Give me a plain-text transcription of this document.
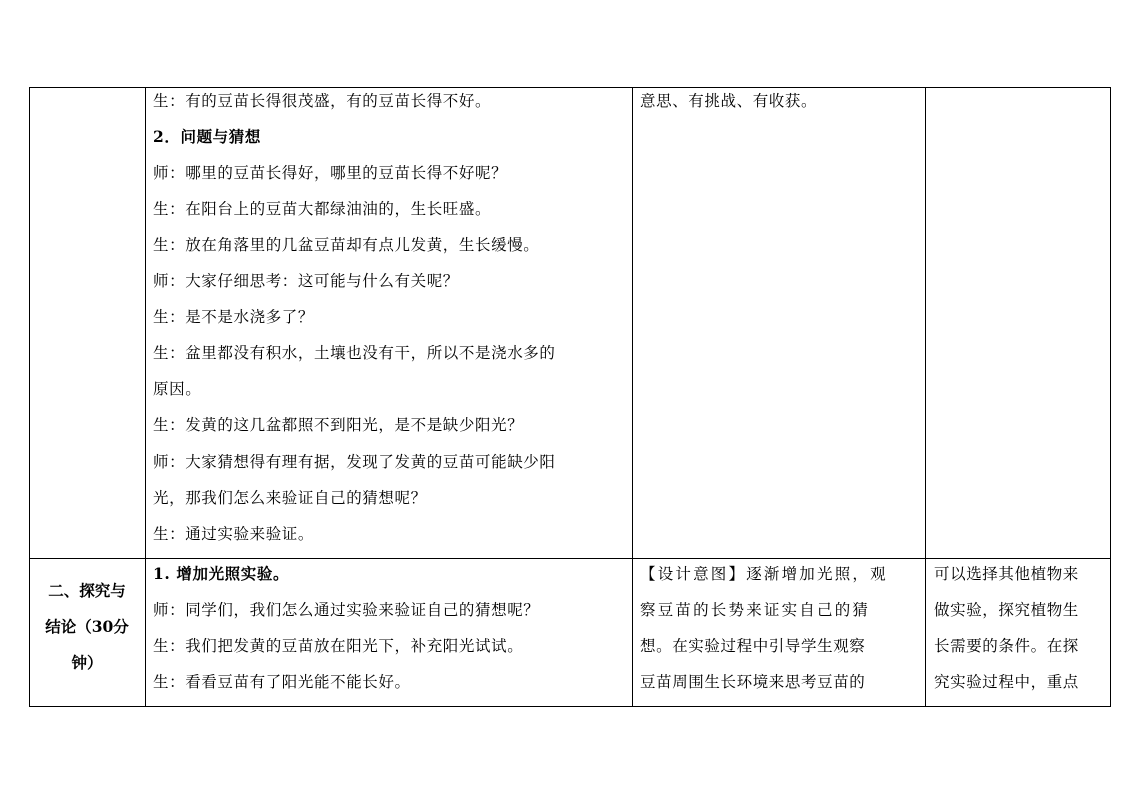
生：有的豆苗长得很茂盛，有的豆苗长得不好。
2．问题与猜想
师：哪里的豆苗长得好，哪里的豆苗长得不好呢？
生：在阳台上的豆苗大都绿油油的，生长旺盛。
生：放在角落里的几盆豆苗却有点儿发黄，生长缓慢。
师：大家仔细思考：这可能与什么有关呢？
生：是不是水浇多了？
生：盆里都没有积水，土壤也没有干，所以不是浇水多的
原因。
生：发黄的这几盆都照不到阳光，是不是缺少阳光？
师：大家猜想得有理有据，发现了发黄的豆苗可能缺少阳
光，那我们怎么来验证自己的猜想呢？
生：通过实验来验证。
意思、有挑战、有收获。
二、探究与
结论（30分
钟）
1. 增加光照实验。
师：同学们，我们怎么通过实验来验证自己的猜想呢？
生：我们把发黄的豆苗放在阳光下，补充阳光试试。
生：看看豆苗有了阳光能不能长好。
【设计意图】逐渐增加光照，观
察豆苗的长势来证实自己的猜
想。在实验过程中引导学生观察
豆苗周围生长环境来思考豆苗的
可以选择其他植物来
做实验，探究植物生
长需要的条件。在探
究实验过程中，重点
